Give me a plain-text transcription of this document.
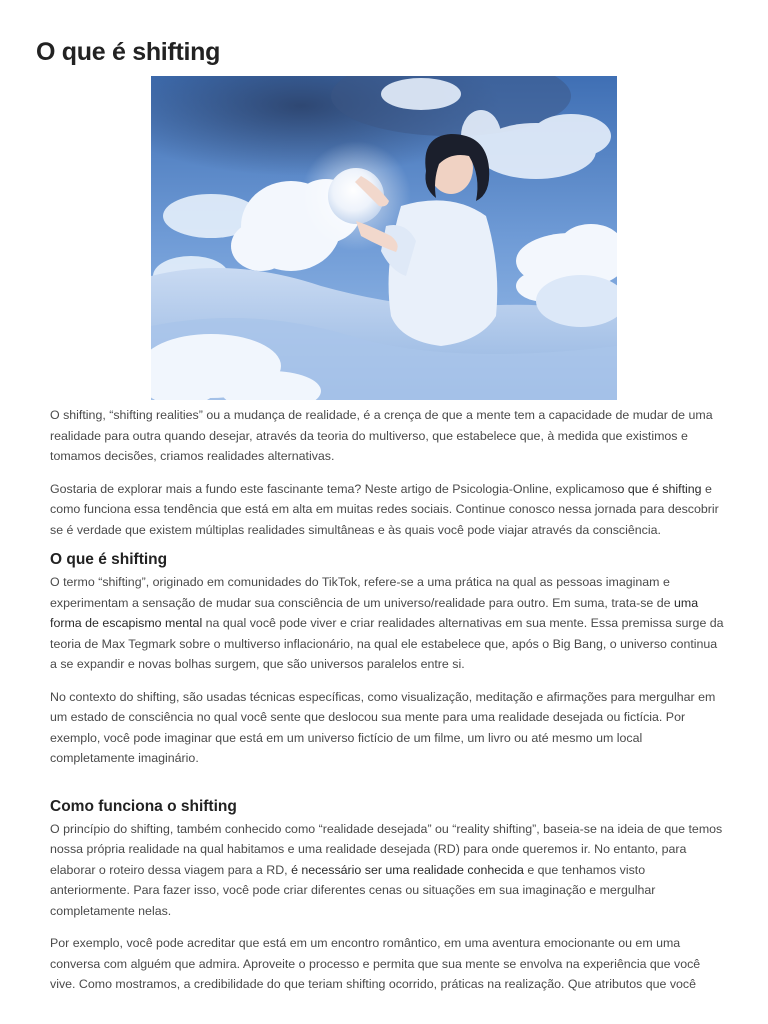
O que é shifting

O shifting, “shifting realities” ou a mudança de realidade, é a crença de que a mente tem a capacidade de mudar de uma realidade para outra quando desejar, através da teoria do multiverso, que estabelece que, à medida que existimos e tomamos decisões, criamos realidades alternativas.

Gostaria de explorar mais a fundo este fascinante tema? Neste artigo de Psicologia-Online, explicamoso que é shifting e como funciona essa tendência que está em alta em muitas redes sociais. Continue conosco nessa jornada para descobrir se é verdade que existem múltiplas realidades simultâneas e às quais você pode viajar através da consciência.

O que é shifting

O termo “shifting”, originado em comunidades do TikTok, refere-se a uma prática na qual as pessoas imaginam e experimentam a sensação de mudar sua consciência de um universo/realidade para outro. Em suma, trata-se de uma forma de escapismo mental na qual você pode viver e criar realidades alternativas em sua mente. Essa premissa surge da teoria de Max Tegmark sobre o multiverso inflacionário, na qual ele estabelece que, após o Big Bang, o universo continua a se expandir e novas bolhas surgem, que são universos paralelos entre si.

No contexto do shifting, são usadas técnicas específicas, como visualização, meditação e afirmações para mergulhar em um estado de consciência no qual você sente que deslocou sua mente para uma realidade desejada ou fictícia. Por exemplo, você pode imaginar que está em um universo fictício de um filme, um livro ou até mesmo um local completamente imaginário.

Como funciona o shifting

O princípio do shifting, também conhecido como “realidade desejada” ou “reality shifting”, baseia-se na ideia de que temos nossa própria realidade na qual habitamos e uma realidade desejada (RD) para onde queremos ir. No entanto, para elaborar o roteiro dessa viagem para a RD, é necessário ser uma realidade conhecida e que tenhamos visto anteriormente. Para fazer isso, você pode criar diferentes cenas ou situações em sua imaginação e mergulhar completamente nelas.

Por exemplo, você pode acreditar que está em um encontro romântico, em uma aventura emocionante ou em uma conversa com alguém que admira. Aproveite o processo e permita que sua mente se envolva na experiência que você vive. Como mostramos, a credibilidade do que teriam shifting ocorrido, práticas na realização. Que atributos que você
